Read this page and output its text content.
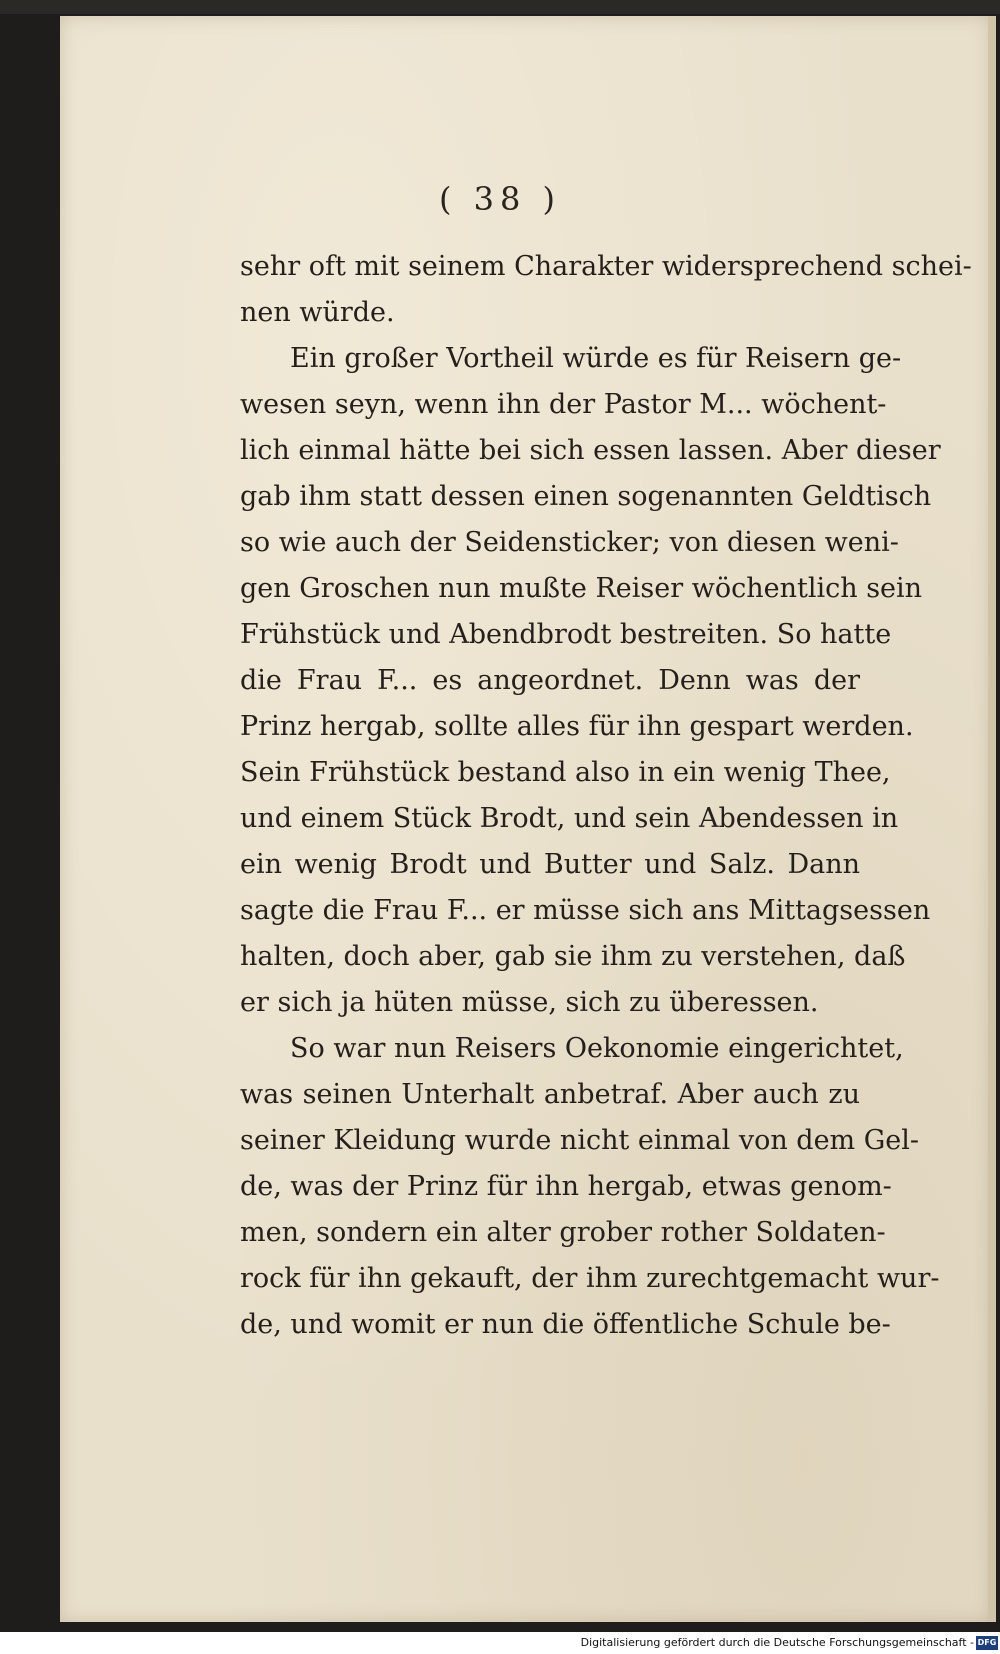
( 38 )
sehr oft mit seinem Charakter widersprechend schei-
nen würde.
Ein großer Vortheil würde es für Reisern ge-
wesen seyn, wenn ihn der Pastor M... wöchent-
lich einmal hätte bei sich essen lassen. Aber dieser
gab ihm statt dessen einen sogenannten Geldtisch
so wie auch der Seidensticker; von diesen weni-
gen Groschen nun mußte Reiser wöchentlich sein
Frühstück und Abendbrodt bestreiten. So hatte
die Frau F... es angeordnet. Denn was der
Prinz hergab, sollte alles für ihn gespart werden.
Sein Frühstück bestand also in ein wenig Thee,
und einem Stück Brodt, und sein Abendessen in
ein wenig Brodt und Butter und Salz. Dann
sagte die Frau F... er müsse sich ans Mittagsessen
halten, doch aber, gab sie ihm zu verstehen, daß
er sich ja hüten müsse, sich zu überessen.
So war nun Reisers Oekonomie eingerichtet,
was seinen Unterhalt anbetraf. Aber auch zu
seiner Kleidung wurde nicht einmal von dem Gel-
de, was der Prinz für ihn hergab, etwas genom-
men, sondern ein alter grober rother Soldaten-
rock für ihn gekauft, der ihm zurechtgemacht wur-
de, und womit er nun die öffentliche Schule be-
Digitalisierung gefördert durch die Deutsche Forschungsgemeinschaft - DFG
